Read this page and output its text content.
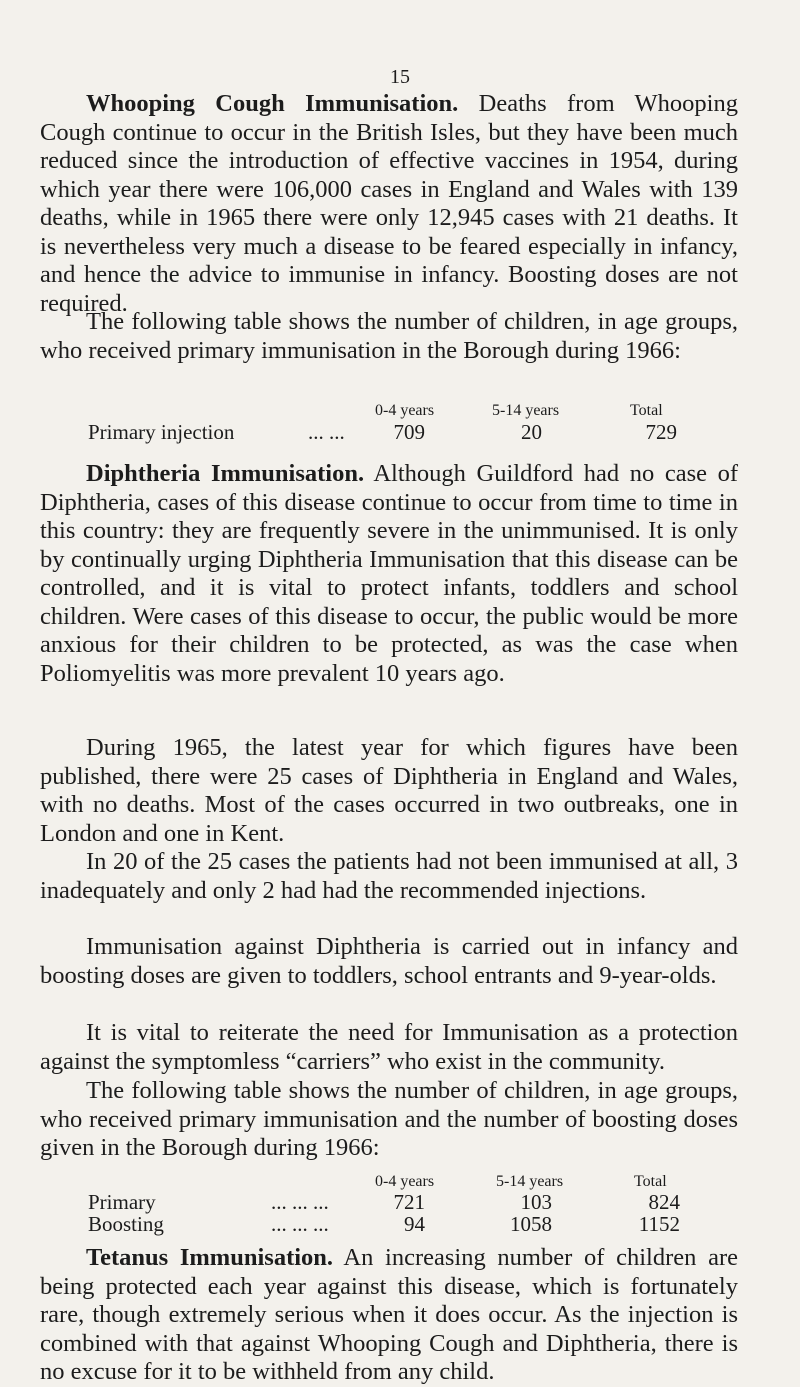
15

Whooping Cough Immunisation. Deaths from Whooping Cough continue to occur in the British Isles, but they have been much reduced since the introduction of effective vaccines in 1954, during which year there were 106,000 cases in England and Wales with 139 deaths, while in 1965 there were only 12,945 cases with 21 deaths. It is nevertheless very much a disease to be feared especially in infancy, and hence the advice to immunise in infancy. Boosting doses are not required.

The following table shows the number of children, in age groups, who received primary immunisation in the Borough during 1966:

0-4 years	5-14 years	Total
Primary injection	... ...	709	20	729

Diphtheria Immunisation. Although Guildford had no case of Diphtheria, cases of this disease continue to occur from time to time in this country: they are frequently severe in the unimmunised. It is only by continually urging Diphtheria Immunisation that this disease can be controlled, and it is vital to protect infants, toddlers and school children. Were cases of this disease to occur, the public would be more anxious for their children to be protected, as was the case when Poliomyelitis was more prevalent 10 years ago.

During 1965, the latest year for which figures have been published, there were 25 cases of Diphtheria in England and Wales, with no deaths. Most of the cases occurred in two outbreaks, one in London and one in Kent.

In 20 of the 25 cases the patients had not been immunised at all, 3 inadequately and only 2 had had the recommended injections.

Immunisation against Diphtheria is carried out in infancy and boosting doses are given to toddlers, school entrants and 9-year-olds.

It is vital to reiterate the need for Immunisation as a protection against the symptomless “carriers” who exist in the community.

The following table shows the number of children, in age groups, who received primary immunisation and the number of boosting doses given in the Borough during 1966:

0-4 years	5-14 years	Total
Primary	... ... ...	721	103	824
Boosting	... ... ...	94	1058	1152

Tetanus Immunisation. An increasing number of children are being protected each year against this disease, which is fortunately rare, though extremely serious when it does occur. As the injection is combined with that against Whooping Cough and Diphtheria, there is no excuse for it to be withheld from any child.
